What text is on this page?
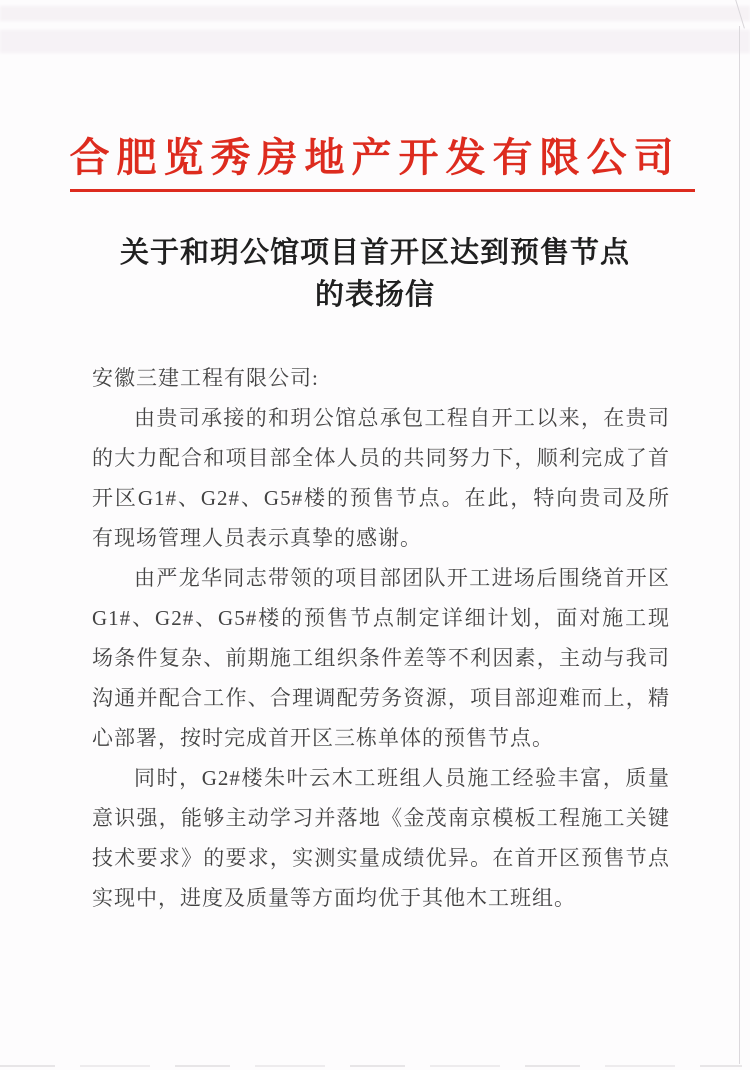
合肥览秀房地产开发有限公司
关于和玥公馆项目首开区达到预售节点
的表扬信

安徽三建工程有限公司:

由贵司承接的和玥公馆总承包工程自开工以来，在贵司的大力配合和项目部全体人员的共同努力下，顺利完成了首开区G1#、G2#、G5#楼的预售节点。在此，特向贵司及所有现场管理人员表示真挚的感谢。

由严龙华同志带领的项目部团队开工进场后围绕首开区G1#、G2#、G5#楼的预售节点制定详细计划，面对施工现场条件复杂、前期施工组织条件差等不利因素，主动与我司沟通并配合工作、合理调配劳务资源，项目部迎难而上，精心部署，按时完成首开区三栋单体的预售节点。

同时，G2#楼朱叶云木工班组人员施工经验丰富，质量意识强，能够主动学习并落地《金茂南京模板工程施工关键技术要求》的要求，实测实量成绩优异。在首开区预售节点实现中，进度及质量等方面均优于其他木工班组。
